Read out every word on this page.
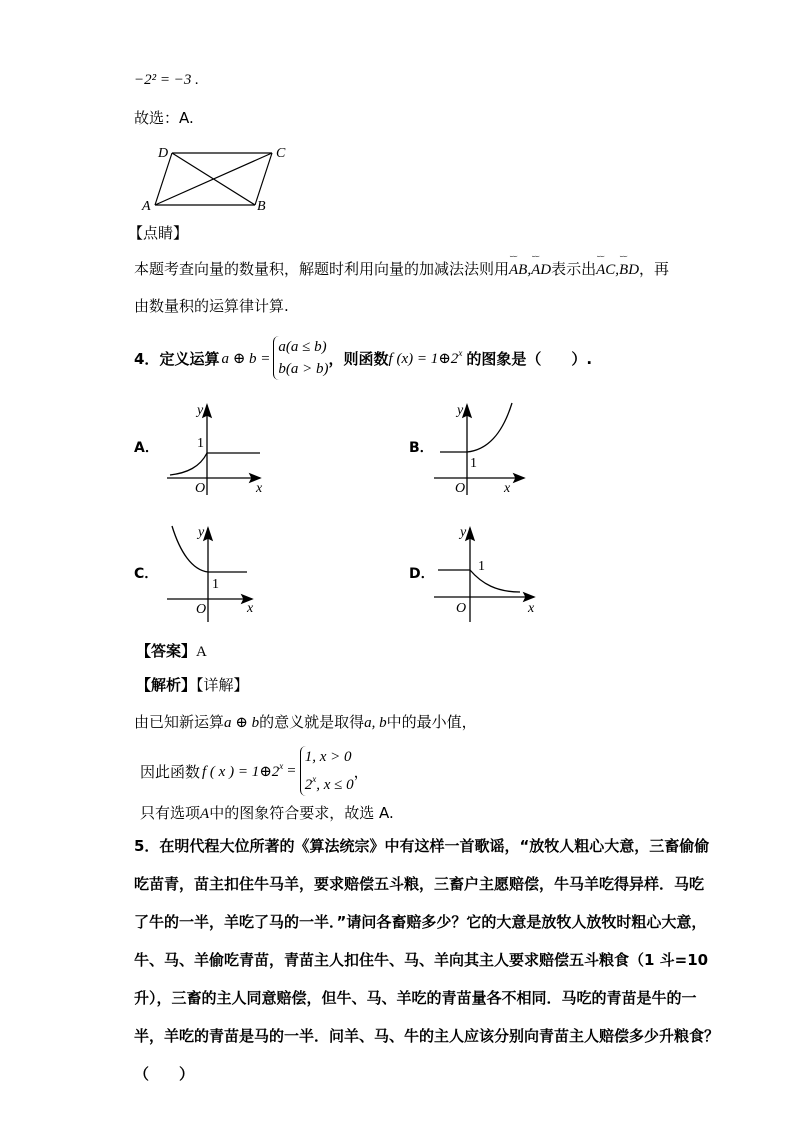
−2² = −3 .
故选：A.
D	C
A	B
【点睛】
本题考查向量的数量积，解题时利用向量的加减法法则用⌣⌣ AB,⌣⌣ AD表示出⌣⌣ AC,⌣⌣ BD，再
由数量积的运算律计算.
4． 定义运算 a ⊕ b =
a(a ≤ b)
b(a > b)
，则函数 f $(x) = 1\oplus 2^x$ 的图象是（　　）.
A．
y
1
O	x
B．
y
1
O	x
C．
y
1
O	x
D．
y
1
O	x
【答案】A
【解析】【详解】
由已知新运算a ⊕ b的意义就是取得a, b中的最小值，
因此函数 f ( x ) = $1\oplus 2^x$ =
1, x > 0
2$^x$, x ≤ 0
，
只有选项A中的图象符合要求，故选 A.
5．在明代程大位所著的《算法统宗》中有这样一首歌谣，“放牧人粗心大意，三畜偷偷
吃苗青，苗主扣住牛马羊，要求赔偿五斗粮，三畜户主愿赔偿，牛马羊吃得异样．马吃
了牛的一半，羊吃了马的一半．”请问各畜赔多少？它的大意是放牧人放牧时粗心大意，
牛、马、羊偷吃青苗，青苗主人扣住牛、马、羊向其主人要求赔偿五斗粮食（1 斗=10
升），三畜的主人同意赔偿，但牛、马、羊吃的青苗量各不相同．马吃的青苗是牛的一
半，羊吃的青苗是马的一半．问羊、马、牛的主人应该分别向青苗主人赔偿多少升粮食？
（　　）
